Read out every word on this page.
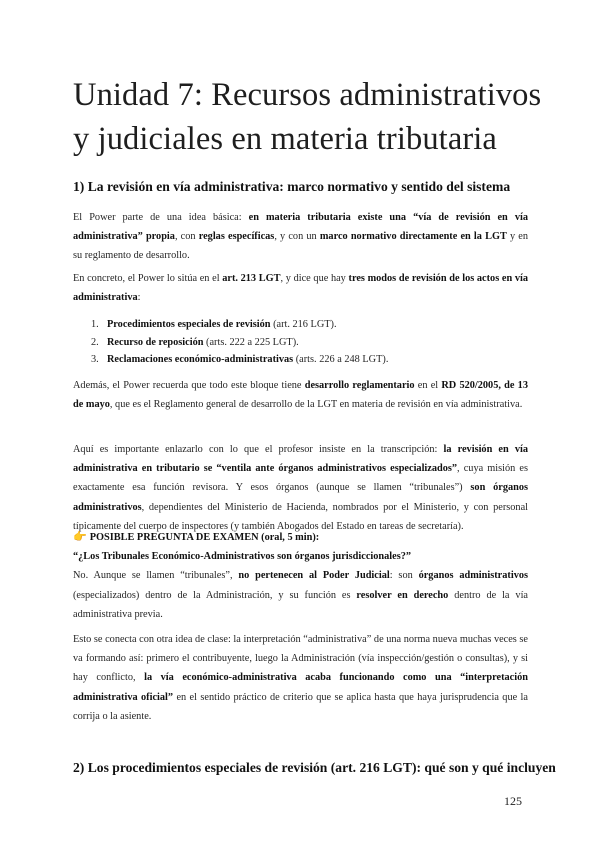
Unidad 7: Recursos administrativos y judiciales en materia tributaria
1) La revisión en vía administrativa: marco normativo y sentido del sistema

El Power parte de una idea básica: en materia tributaria existe una “vía de revisión en vía administrativa” propia, con reglas específicas, y con un marco normativo directamente en la LGT y en su reglamento de desarrollo.

En concreto, el Power lo sitúa en el art. 213 LGT, y dice que hay tres modos de revisión de los actos en vía administrativa:

1. Procedimientos especiales de revisión (art. 216 LGT).
2. Recurso de reposición (arts. 222 a 225 LGT).
3. Reclamaciones económico-administrativas (arts. 226 a 248 LGT).

Además, el Power recuerda que todo este bloque tiene desarrollo reglamentario en el RD 520/2005, de 13 de mayo, que es el Reglamento general de desarrollo de la LGT en materia de revisión en vía administrativa.

Aquí es importante enlazarlo con lo que el profesor insiste en la transcripción: la revisión en vía administrativa en tributario se “ventila ante órganos administrativos especializados”, cuya misión es exactamente esa función revisora. Y esos órganos (aunque se llamen “tribunales”) son órganos administrativos, dependientes del Ministerio de Hacienda, nombrados por el Ministerio, y con personal típicamente del cuerpo de inspectores (y también Abogados del Estado en tareas de secretaría).

👉 POSIBLE PREGUNTA DE EXAMEN (oral, 5 min):
“¿Los Tribunales Económico-Administrativos son órganos jurisdiccionales?”
No. Aunque se llamen “tribunales”, no pertenecen al Poder Judicial: son órganos administrativos (especializados) dentro de la Administración, y su función es resolver en derecho dentro de la vía administrativa previa.

Esto se conecta con otra idea de clase: la interpretación “administrativa” de una norma nueva muchas veces se va formando así: primero el contribuyente, luego la Administración (vía inspección/gestión o consultas), y si hay conflicto, la vía económico-administrativa acaba funcionando como una “interpretación administrativa oficial” en el sentido práctico de criterio que se aplica hasta que haya jurisprudencia que la corrija o la asiente.

2) Los procedimientos especiales de revisión (art. 216 LGT): qué son y qué incluyen
125
